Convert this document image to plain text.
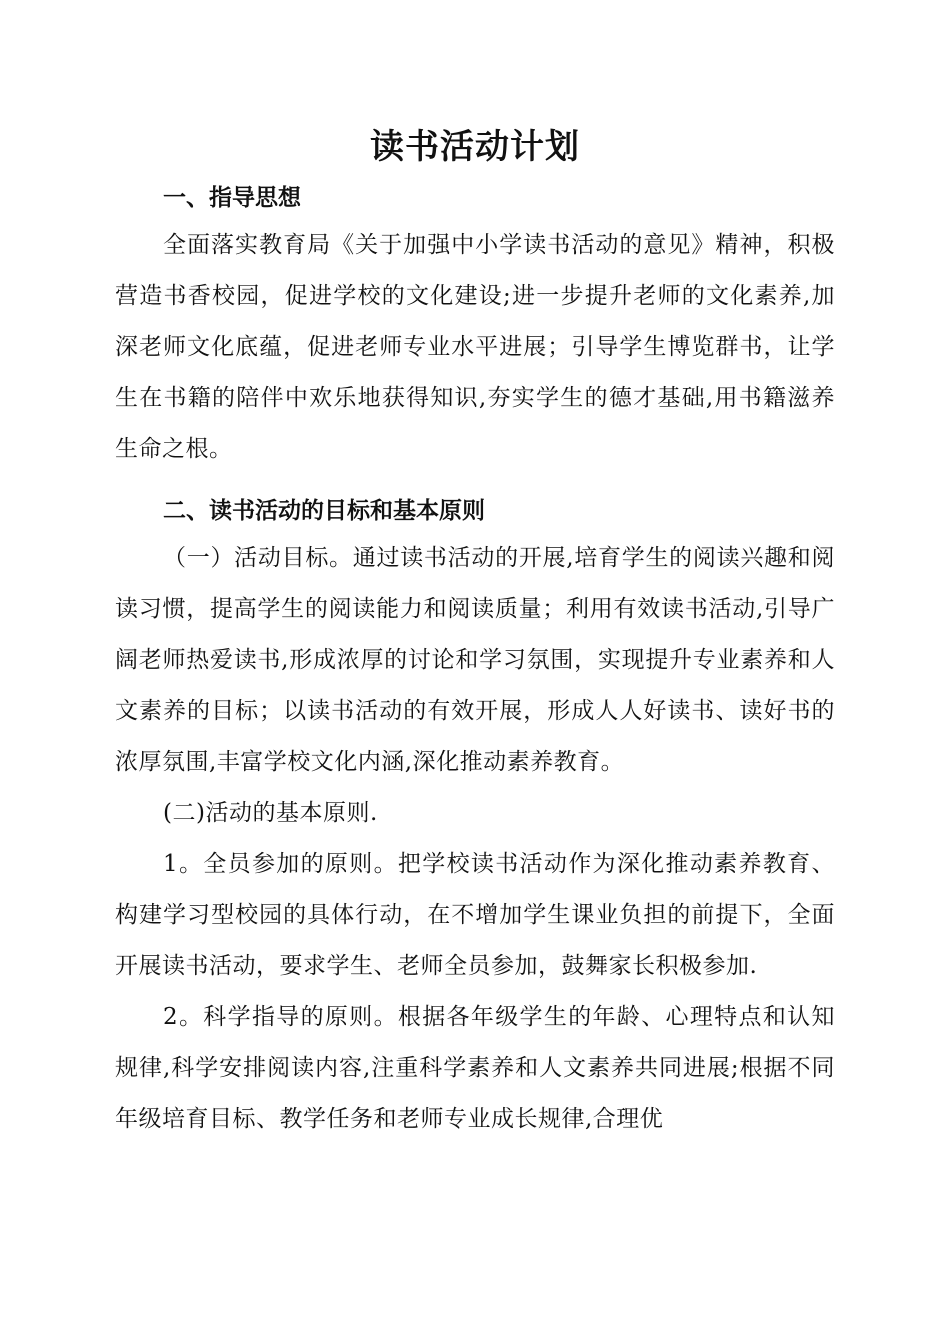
读书活动计划
一、指导思想

全面落实教育局《关于加强中小学读书活动的意见》精神，积极营造书香校园，促进学校的文化建设;进一步提升老师的文化素养,加深老师文化底蕴，促进老师专业水平进展；引导学生博览群书，让学生在书籍的陪伴中欢乐地获得知识,夯实学生的德才基础,用书籍滋养生命之根。

二、读书活动的目标和基本原则

（一）活动目标。通过读书活动的开展,培育学生的阅读兴趣和阅读习惯，提高学生的阅读能力和阅读质量；利用有效读书活动,引导广阔老师热爱读书,形成浓厚的讨论和学习氛围，实现提升专业素养和人文素养的目标；以读书活动的有效开展，形成人人好读书、读好书的浓厚氛围,丰富学校文化内涵,深化推动素养教育。

(二)活动的基本原则.

1。全员参加的原则。把学校读书活动作为深化推动素养教育、构建学习型校园的具体行动，在不增加学生课业负担的前提下，全面开展读书活动，要求学生、老师全员参加，鼓舞家长积极参加.

2。科学指导的原则。根据各年级学生的年龄、心理特点和认知规律,科学安排阅读内容,注重科学素养和人文素养共同进展;根据不同年级培育目标、教学任务和老师专业成长规律,合理优
